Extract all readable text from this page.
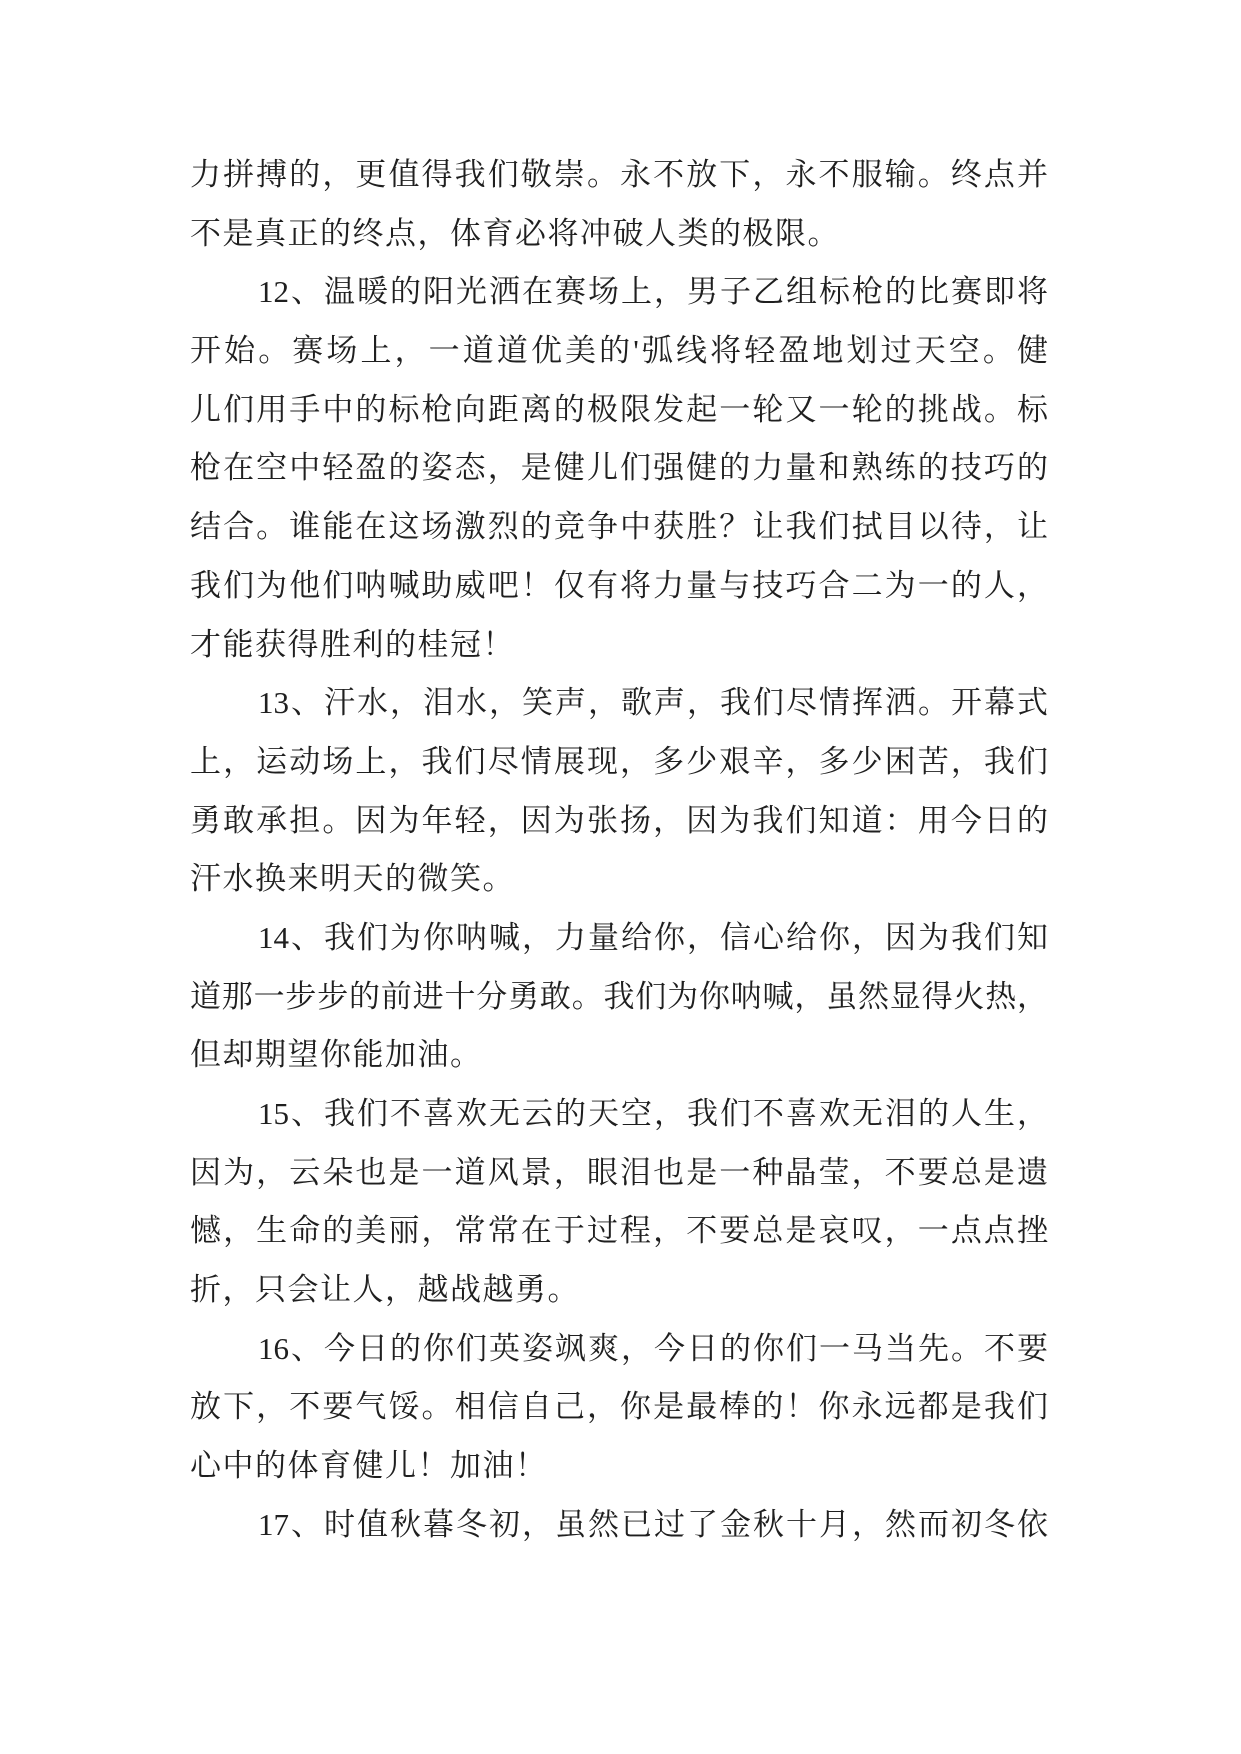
力拼搏的，更值得我们敬崇。永不放下，永不服输。终点并
不是真正的终点，体育必将冲破人类的极限。
12、温暖的阳光洒在赛场上，男子乙组标枪的比赛即将
开始。赛场上，一道道优美的'弧线将轻盈地划过天空。健
儿们用手中的标枪向距离的极限发起一轮又一轮的挑战。标
枪在空中轻盈的姿态，是健儿们强健的力量和熟练的技巧的
结合。谁能在这场激烈的竞争中获胜？让我们拭目以待，让
我们为他们呐喊助威吧！仅有将力量与技巧合二为一的人，
才能获得胜利的桂冠！
13、汗水，泪水，笑声，歌声，我们尽情挥洒。开幕式
上，运动场上，我们尽情展现，多少艰辛，多少困苦，我们
勇敢承担。因为年轻，因为张扬，因为我们知道：用今日的
汗水换来明天的微笑。
14、我们为你呐喊，力量给你，信心给你，因为我们知
道那一步步的前进十分勇敢。我们为你呐喊，虽然显得火热，
但却期望你能加油。
15、我们不喜欢无云的天空，我们不喜欢无泪的人生，
因为，云朵也是一道风景，眼泪也是一种晶莹，不要总是遗
憾，生命的美丽，常常在于过程，不要总是哀叹，一点点挫
折，只会让人，越战越勇。
16、今日的你们英姿飒爽，今日的你们一马当先。不要
放下，不要气馁。相信自己，你是最棒的！你永远都是我们
心中的体育健儿！加油！
17、时值秋暮冬初，虽然已过了金秋十月，然而初冬依
